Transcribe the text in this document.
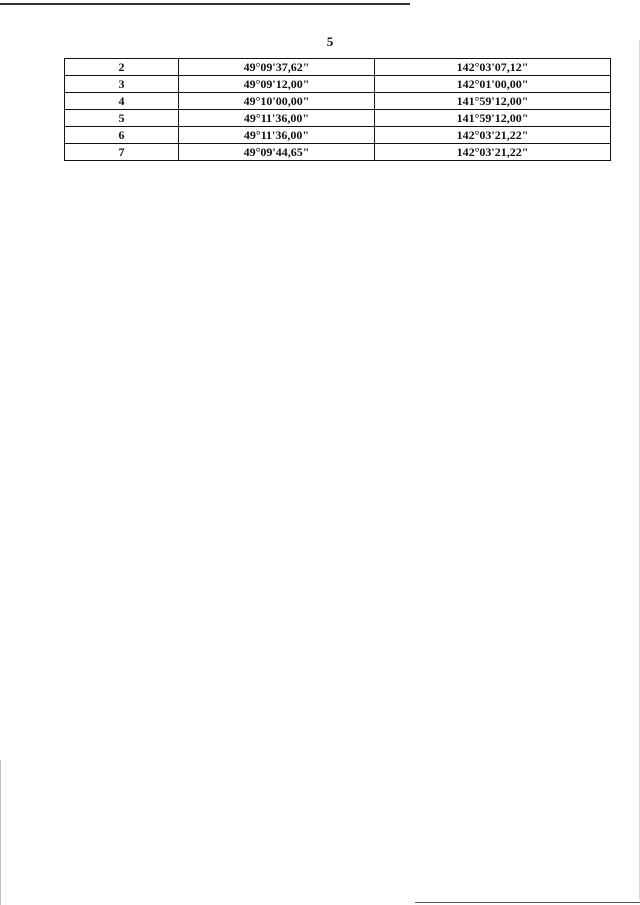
5
2	49°09'37,62"	142°03'07,12"
3	49°09'12,00"	142°01'00,00"
4	49°10'00,00"	141°59'12,00"
5	49°11'36,00"	141°59'12,00"
6	49°11'36,00"	142°03'21,22"
7	49°09'44,65"	142°03'21,22"
